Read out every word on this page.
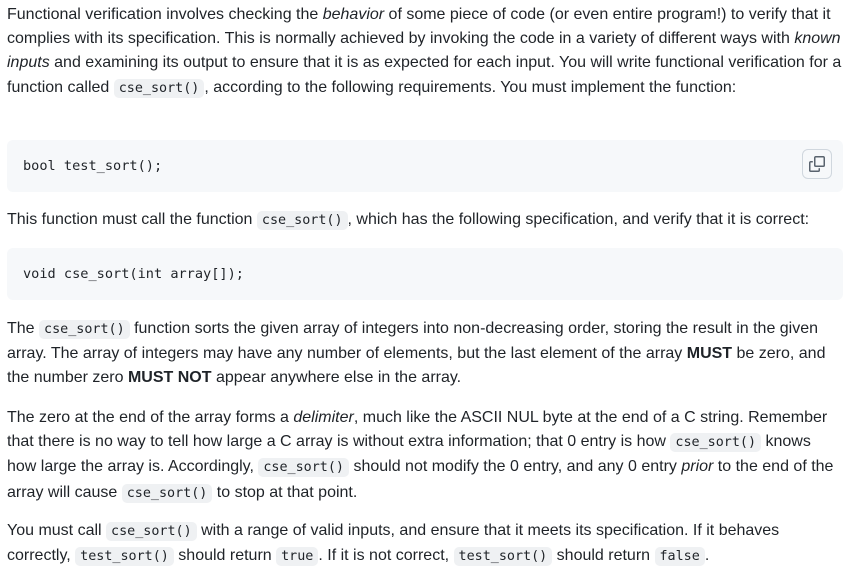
Functional verification involves checking the behavior of some piece of code (or even entire program!) to verify that it complies with its specification. This is normally achieved by invoking the code in a variety of different ways with known inputs and examining its output to ensure that it is as expected for each input. You will write functional verification for a function called cse_sort() , according to the following requirements. You must implement the function:

bool test_sort();

This function must call the function cse_sort() , which has the following specification, and verify that it is correct:

void cse_sort(int array[]);

The cse_sort() function sorts the given array of integers into non-decreasing order, storing the result in the given array. The array of integers may have any number of elements, but the last element of the array MUST be zero, and the number zero MUST NOT appear anywhere else in the array.

The zero at the end of the array forms a delimiter, much like the ASCII NUL byte at the end of a C string. Remember that there is no way to tell how large a C array is without extra information; that 0 entry is how cse_sort() knows how large the array is. Accordingly, cse_sort() should not modify the 0 entry, and any 0 entry prior to the end of the array will cause cse_sort() to stop at that point.

You must call cse_sort() with a range of valid inputs, and ensure that it meets its specification. If it behaves correctly, test_sort() should return true . If it is not correct, test_sort() should return false .
